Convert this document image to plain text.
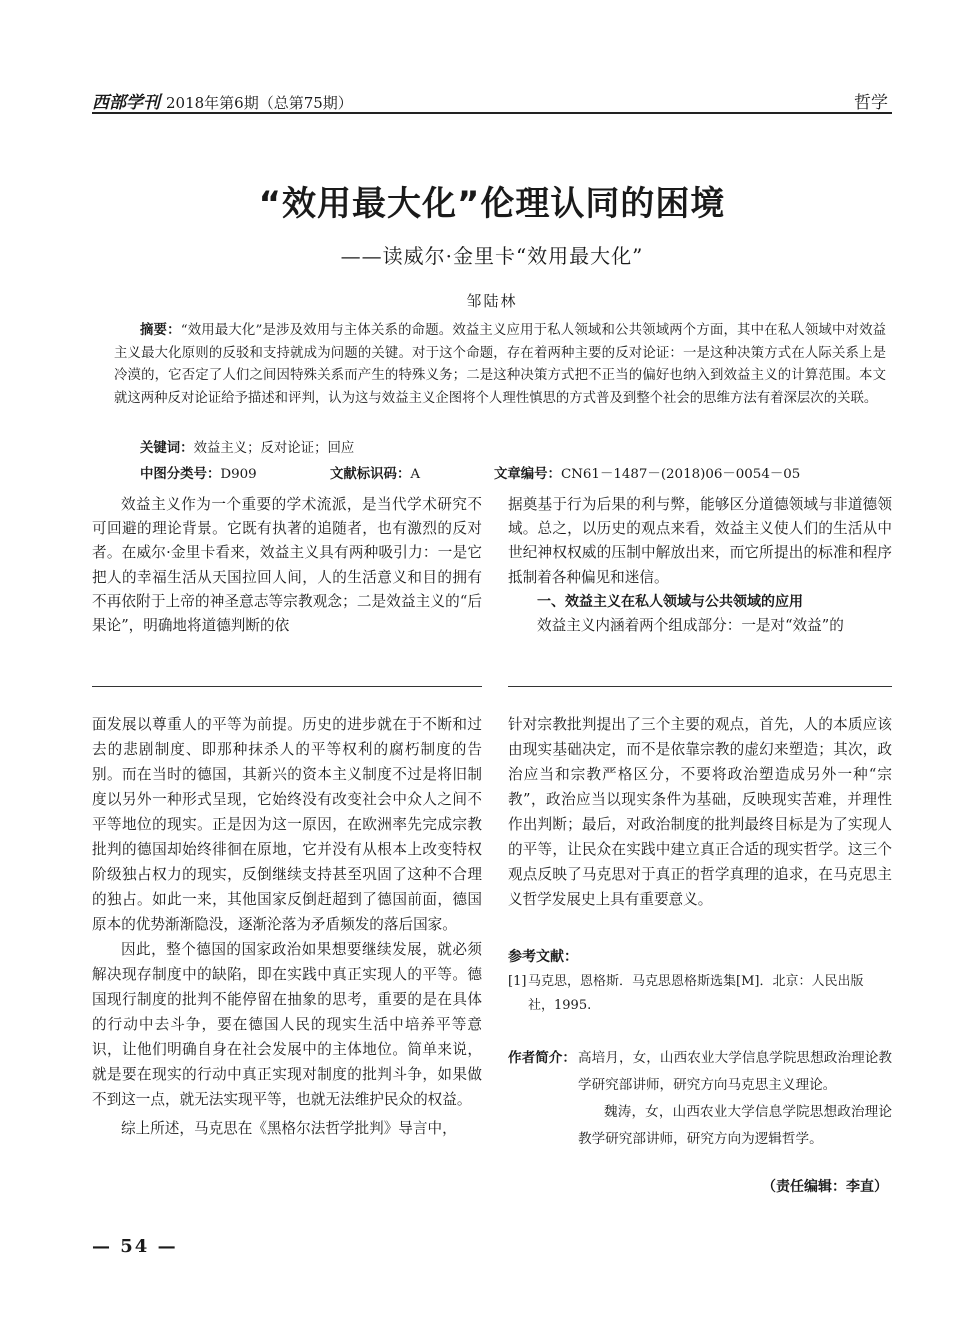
西部学刊 2018年第6期（总第75期）	哲学
“效用最大化”伦理认同的困境
——读威尔·金里卡“效用最大化”
邹陆林

摘要：“效用最大化”是涉及效用与主体关系的命题。效益主义应用于私人领域和公共领域两个方面，其中在私人领域中对效益主义最大化原则的反驳和支持就成为问题的关键。对于这个命题，存在着两种主要的反对论证：一是这种决策方式在人际关系上是冷漠的，它否定了人们之间因特殊关系而产生的特殊义务；二是这种决策方式把不正当的偏好也纳入到效益主义的计算范围。本文就这两种反对论证给予描述和评判，认为这与效益主义企图将个人理性慎思的方式普及到整个社会的思维方法有着深层次的关联。

关键词：效益主义；反对论证；回应
中图分类号：D909	文献标识码：A	文章编号：CN61－1487－(2018)06－0054－05

效益主义作为一个重要的学术流派，是当代学术研究不可回避的理论背景。它既有执著的追随者，也有激烈的反对者。在威尔·金里卡看来，效益主义具有两种吸引力：一是它把人的幸福生活从天国拉回人间，人的生活意义和目的拥有不再依附于上帝的神圣意志等宗教观念；二是效益主义的“后果论”，明确地将道德判断的依

据奠基于行为后果的利与弊，能够区分道德领域与非道德领域。总之，以历史的观点来看，效益主义使人们的生活从中世纪神权权威的压制中解放出来，而它所提出的标准和程序抵制着各种偏见和迷信。

一、效益主义在私人领域与公共领域的应用

效益主义内涵着两个组成部分：一是对“效益”的

面发展以尊重人的平等为前提。历史的进步就在于不断和过去的悲剧制度、即那种抹杀人的平等权利的腐朽制度的告别。而在当时的德国，其新兴的资本主义制度不过是将旧制度以另外一种形式呈现，它始终没有改变社会中众人之间不平等地位的现实。正是因为这一原因，在欧洲率先完成宗教批判的德国却始终徘徊在原地，它并没有从根本上改变特权阶级独占权力的现实，反倒继续支持甚至巩固了这种不合理的独占。如此一来，其他国家反倒赶超到了德国前面，德国原本的优势渐渐隐没，逐渐沦落为矛盾频发的落后国家。

因此，整个德国的国家政治如果想要继续发展，就必须解决现存制度中的缺陷，即在实践中真正实现人的平等。德国现行制度的批判不能停留在抽象的思考，重要的是在具体的行动中去斗争，要在德国人民的现实生活中培养平等意识，让他们明确自身在社会发展中的主体地位。简单来说，就是要在现实的行动中真正实现对制度的批判斗争，如果做不到这一点，就无法实现平等，也就无法维护民众的权益。

综上所述，马克思在《黑格尔法哲学批判》导言中，

针对宗教批判提出了三个主要的观点，首先，人的本质应该由现实基础决定，而不是依靠宗教的虚幻来塑造；其次，政治应当和宗教严格区分，不要将政治塑造成另外一种“宗教”，政治应当以现实条件为基础，反映现实苦难，并理性作出判断；最后，对政治制度的批判最终目标是为了实现人的平等，让民众在实践中建立真正合适的现实哲学。这三个观点反映了马克思对于真正的哲学真理的追求，在马克思主义哲学发展史上具有重要意义。

参考文献：
[1] 马克思，恩格斯．马克思恩格斯选集[M]．北京：人民出版
社，1995.
作者简介： 高培月，女，山西农业大学信息学院思想政治理论教学研究部讲师，研究方向马克思主义理论。

魏涛，女，山西农业大学信息学院思想政治理论教学研究部讲师，研究方向为逻辑哲学。

（责任编辑：李直）
— 54 —
